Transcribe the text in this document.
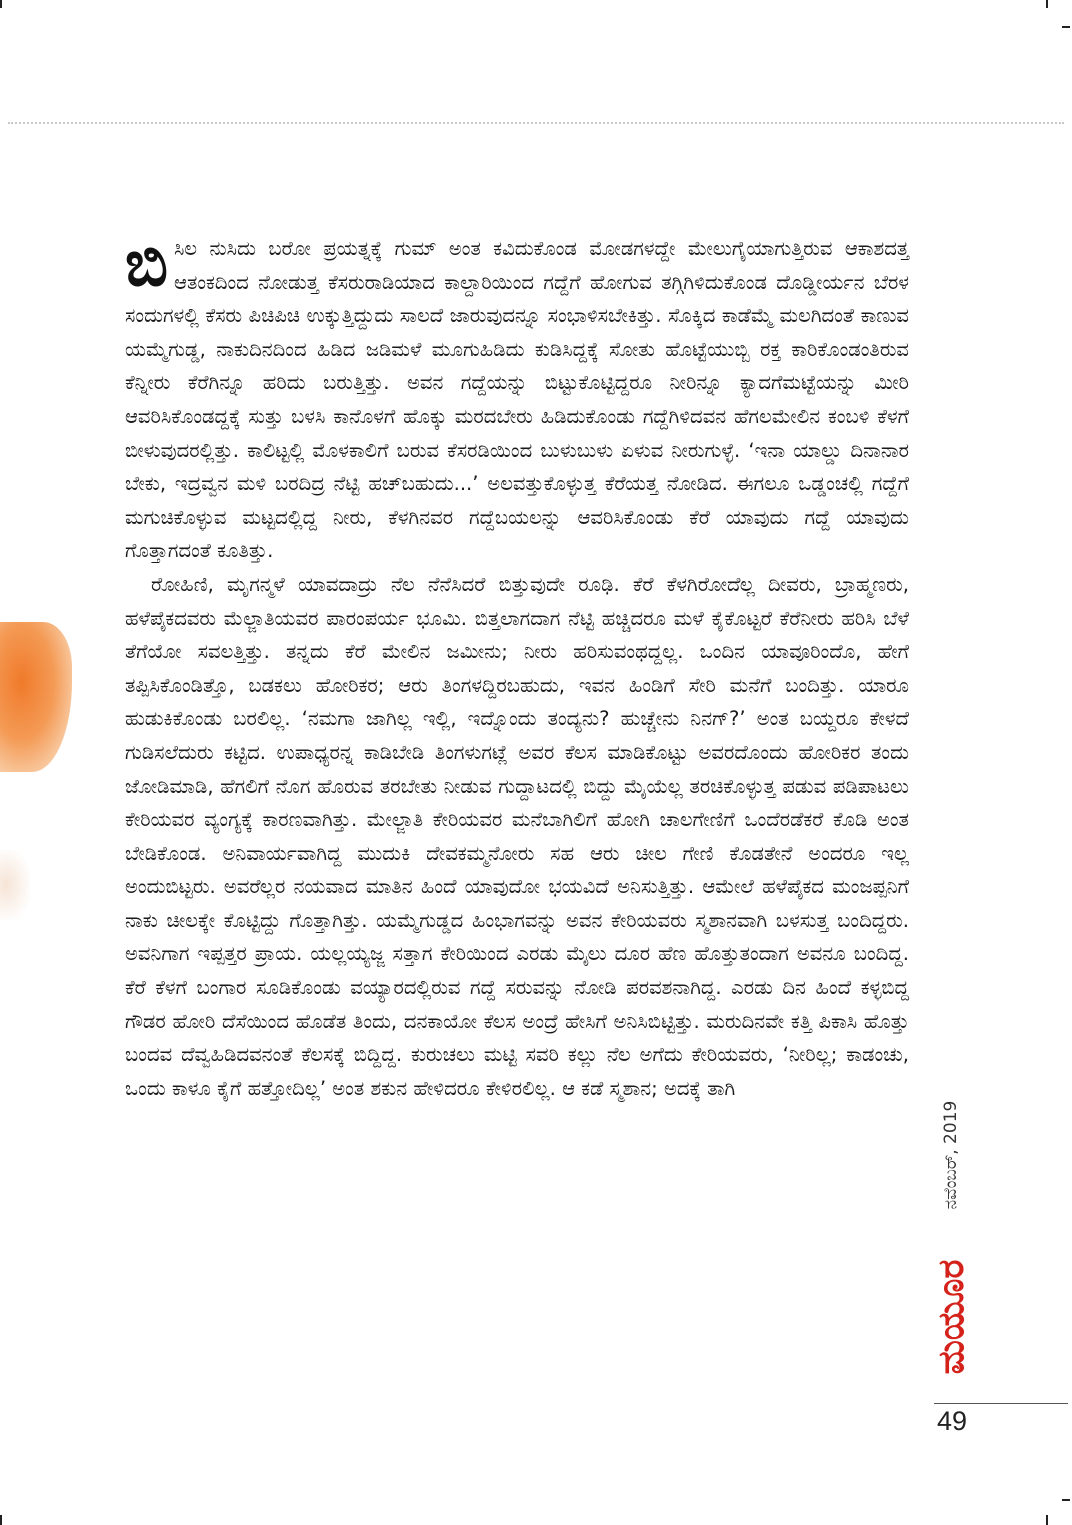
ಬಿಸಿಲ ನುಸಿದು ಬರೋ ಪ್ರಯತ್ನಕ್ಕೆ ಗುಮ್ ಅಂತ ಕವಿದುಕೊಂಡ ಮೋಡಗಳದ್ದೇ ಮೇಲುಗೈಯಾಗುತ್ತಿರುವ ಆಕಾಶದತ್ತ ಆತಂಕದಿಂದ ನೋಡುತ್ತ ಕೆಸರುರಾಡಿಯಾದ ಕಾಲ್ದಾರಿಯಿಂದ ಗದ್ದೆಗೆ ಹೋಗುವ ತಗ್ಗಿಗಿಳಿದುಕೊಂಡ ದೊಡ್ಡೀರ್ಯನ ಬೆರಳ ಸಂದುಗಳಲ್ಲಿ ಕೆಸರು ಪಿಚಿಪಿಚಿ ಉಕ್ಕುತ್ತಿದ್ದುದು ಸಾಲದೆ ಜಾರುವುದನ್ನೂ ಸಂಭಾಳಿಸಬೇಕಿತ್ತು. ಸೊಕ್ಕಿದ ಕಾಡೆಮ್ಮೆ ಮಲಗಿದಂತೆ ಕಾಣುವ ಯಮ್ಮೆಗುಡ್ಡ, ನಾಕುದಿನದಿಂದ ಹಿಡಿದ ಜಡಿಮಳೆ ಮೂಗುಹಿಡಿದು ಕುಡಿಸಿದ್ದಕ್ಕೆ ಸೋತು ಹೊಟ್ಟೆಯುಬ್ಬಿ ರಕ್ತ ಕಾರಿಕೊಂಡಂತಿರುವ ಕೆನ್ನೀರು ಕೆರೆಗಿನ್ನೂ ಹರಿದು ಬರುತ್ತಿತ್ತು. ಅವನ ಗದ್ದೆಯನ್ನು ಬಿಟ್ಟುಕೊಟ್ಟಿದ್ದರೂ ನೀರಿನ್ನೂ ಕ್ಯಾದಗೆಮಟ್ಟೆಯನ್ನು ಮೀರಿ ಆವರಿಸಿಕೊಂಡದ್ದಕ್ಕೆ ಸುತ್ತು ಬಳಸಿ ಕಾನೊಳಗೆ ಹೊಕ್ಕು ಮರದಬೇರು ಹಿಡಿದುಕೊಂಡು ಗದ್ದೆಗಿಳಿದವನ ಹೆಗಲಮೇಲಿನ ಕಂಬಳಿ ಕೆಳಗೆ ಬೀಳುವುದರಲ್ಲಿತ್ತು. ಕಾಲಿಟ್ಟಲ್ಲಿ ಮೊಳಕಾಲಿಗೆ ಬರುವ ಕೆಸರಡಿಯಿಂದ ಬುಳುಬುಳು ಏಳುವ ನೀರುಗುಳ್ಳೆ. ‘ಇನಾ ಯಾಲ್ಡು ದಿನಾನಾರ ಬೇಕು, ಇದ್ರವ್ವನ ಮಳಿ ಬರದಿದ್ರ ನೆಟ್ಟಿ ಹಚ್‌ಬಹುದು...’ ಅಲವತ್ತುಕೊಳ್ಳುತ್ತ ಕೆರೆಯತ್ತ ನೋಡಿದ. ಈಗಲೂ ಒಡ್ಡಂಚಲ್ಲಿ ಗದ್ದೆಗೆ ಮಗುಚಿಕೊಳ್ಳುವ ಮಟ್ಟದಲ್ಲಿದ್ದ ನೀರು, ಕೆಳಗಿನವರ ಗದ್ದೆಬಯಲನ್ನು ಆವರಿಸಿಕೊಂಡು ಕೆರೆ ಯಾವುದು ಗದ್ದೆ ಯಾವುದು ಗೊತ್ತಾಗದಂತೆ ಕೂತಿತ್ತು.

ರೋಹಿಣಿ, ಮೃಗನ್ಮಳೆ ಯಾವದಾದ್ರು ನೆಲ ನೆನೆಸಿದರೆ ಬಿತ್ತುವುದೇ ರೂಢಿ. ಕೆರೆ ಕೆಳಗಿರೋದೆಲ್ಲ ದೀವರು, ಬ್ರಾಹ್ಮಣರು, ಹಳೆಪೈಕದವರು ಮೆಲ್ಜಾತಿಯವರ ಪಾರಂಪರ್ಯ ಭೂಮಿ. ಬಿತ್ತಲಾಗದಾಗ ನೆಟ್ಟಿ ಹಚ್ಚಿದರೂ ಮಳೆ ಕೈಕೊಟ್ಟರೆ ಕೆರೆನೀರು ಹರಿಸಿ ಬೆಳೆ ತೆಗೆಯೋ ಸವಲತ್ತಿತ್ತು. ತನ್ನದು ಕೆರೆ ಮೇಲಿನ ಜಮೀನು; ನೀರು ಹರಿಸುವಂಥದ್ದಲ್ಲ. ಒಂದಿನ ಯಾವೂರಿಂದೊ, ಹೇಗೆ ತಪ್ಪಿಸಿಕೊಂಡಿತ್ತೊ, ಬಡಕಲು ಹೋರಿಕರ; ಆರು ತಿಂಗಳದ್ದಿರಬಹುದು, ಇವನ ಹಿಂಡಿಗೆ ಸೇರಿ ಮನೆಗೆ ಬಂದಿತ್ತು. ಯಾರೂ ಹುಡುಕಿಕೊಂಡು ಬರಲಿಲ್ಲ. ‘ನಮಗಾ ಜಾಗಿಲ್ಲ ಇಲ್ಲಿ, ಇದ್ನೊಂದು ತಂದ್ಯನು? ಹುಚ್ಚೇನು ನಿನಗ್?’ ಅಂತ ಬಯ್ದರೂ ಕೇಳದೆ ಗುಡಿಸಲೆದುರು ಕಟ್ಟಿದ. ಉಪಾಧ್ಯರನ್ನ ಕಾಡಿಬೇಡಿ ತಿಂಗಳುಗಟ್ಲೆ ಅವರ ಕೆಲಸ ಮಾಡಿಕೊಟ್ಟು ಅವರದೊಂದು ಹೋರಿಕರ ತಂದು ಜೋಡಿಮಾಡಿ, ಹೆಗಲಿಗೆ ನೊಗ ಹೊರುವ ತರಬೇತು ನೀಡುವ ಗುದ್ದಾಟದಲ್ಲಿ ಬಿದ್ದು ಮೈಯೆಲ್ಲ ತರಚಿಕೊಳ್ಳುತ್ತ ಪಡುವ ಪಡಿಪಾಟಲು ಕೇರಿಯವರ ವ್ಯಂಗ್ಯಕ್ಕೆ ಕಾರಣವಾಗಿತ್ತು. ಮೇಲ್ಜಾತಿ ಕೇರಿಯವರ ಮನೆಬಾಗಿಲಿಗೆ ಹೋಗಿ ಚಾಲಗೇಣಿಗೆ ಒಂದೆರಡೆಕರೆ ಕೊಡಿ ಅಂತ ಬೇಡಿಕೊಂಡ. ಅನಿವಾರ್ಯವಾಗಿದ್ದ ಮುದುಕಿ ದೇವಕಮ್ಮನೋರು ಸಹ ಆರು ಚೀಲ ಗೇಣಿ ಕೊಡತೇನೆ ಅಂದರೂ ಇಲ್ಲ ಅಂದುಬಿಟ್ಟರು. ಅವರೆಲ್ಲರ ನಯವಾದ ಮಾತಿನ ಹಿಂದೆ ಯಾವುದೋ ಭಯವಿದೆ ಅನಿಸುತ್ತಿತ್ತು. ಆಮೇಲೆ ಹಳೆಪೈಕದ ಮಂಜಪ್ಪನಿಗೆ ನಾಕು ಚೀಲಕ್ಕೇ ಕೊಟ್ಟಿದ್ದು ಗೊತ್ತಾಗಿತ್ತು. ಯಮ್ಮೆಗುಡ್ಡದ ಹಿಂಭಾಗವನ್ನು ಅವನ ಕೇರಿಯವರು ಸ್ಮಶಾನವಾಗಿ ಬಳಸುತ್ತ ಬಂದಿದ್ದರು. ಅವನಿಗಾಗ ಇಪ್ಪತ್ತರ ಪ್ರಾಯ. ಯಲ್ಲಯ್ಯಜ್ಜ ಸತ್ತಾಗ ಕೇರಿಯಿಂದ ಎರಡು ಮೈಲು ದೂರ ಹೆಣ ಹೊತ್ತುತಂದಾಗ ಅವನೂ ಬಂದಿದ್ದ. ಕೆರೆ ಕೆಳಗೆ ಬಂಗಾರ ಸೂಡಿಕೊಂಡು ವಯ್ಯಾರದಲ್ಲಿರುವ ಗದ್ದೆ ಸರುವನ್ನು ನೋಡಿ ಪರವಶನಾಗಿದ್ದ. ಎರಡು ದಿನ ಹಿಂದೆ ಕಳ್ಳಬಿದ್ದ ಗೌಡರ ಹೋರಿ ದೆಸೆಯಿಂದ ಹೊಡೆತ ತಿಂದು, ದನಕಾಯೋ ಕೆಲಸ ಅಂದ್ರೆ ಹೇಸಿಗೆ ಅನಿಸಿಬಿಟ್ಟಿತ್ತು. ಮರುದಿನವೇ ಕತ್ತಿ ಪಿಕಾಸಿ ಹೊತ್ತು ಬಂದವ ದೆವ್ವಹಿಡಿದವನಂತೆ ಕೆಲಸಕ್ಕೆ ಬಿದ್ದಿದ್ದ. ಕುರುಚಲು ಮಟ್ಟಿ ಸವರಿ ಕಲ್ಲು ನೆಲ ಅಗೆದು ಕೇರಿಯವರು, ‘ನೀರಿಲ್ಲ; ಕಾಡಂಚು, ಒಂದು ಕಾಳೂ ಕೈಗೆ ಹತ್ತೋದಿಲ್ಲ’ ಅಂತ ಶಕುನ ಹೇಳಿದರೂ ಕೇಳಿರಲಿಲ್ಲ. ಆ ಕಡೆ ಸ್ಮಶಾನ; ಅದಕ್ಕೆ ತಾಗಿ

ನವೆಂಬರ್, 2019
ಮಯೂರ
49
